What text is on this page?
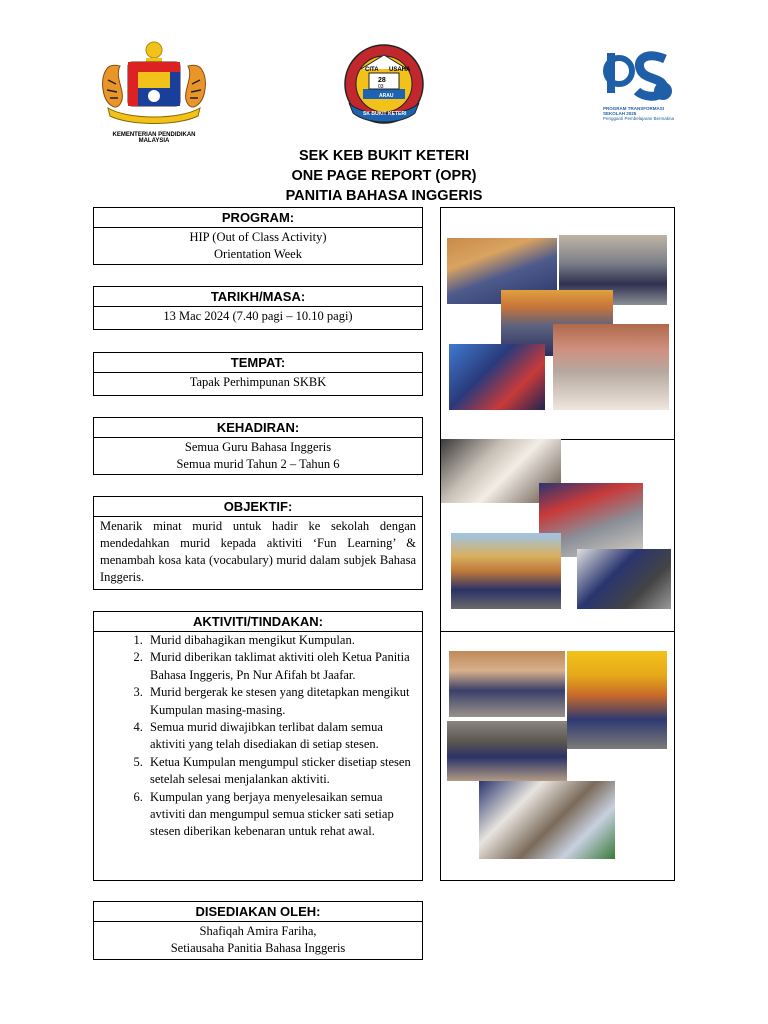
KEMENTERIAN PENDIDIKAN MALAYSIA
CITA USAHA
28
03
ARAU
SK BUKIT KETERI
PROGRAM TRANSFORMASI SEKOLAH 2025
Pengganti Pembelajaran Bermakna
SEK KEB BUKIT KETERI
ONE PAGE REPORT (OPR)
PANITIA BAHASA INGGERIS
PROGRAM:
HIP (Out of Class Activity)
Orientation Week
TARIKH/MASA:
13 Mac 2024 (7.40 pagi – 10.10 pagi)
TEMPAT:
Tapak Perhimpunan SKBK
KEHADIRAN:
Semua Guru Bahasa Inggeris
Semua murid Tahun 2 – Tahun 6
OBJEKTIF:
Menarik minat murid untuk hadir ke sekolah dengan mendedahkan murid kepada aktiviti ‘Fun Learning’ & menambah kosa kata (vocabulary) murid dalam subjek Bahasa Inggeris.
AKTIVITI/TINDAKAN:
1. Murid dibahagikan mengikut Kumpulan.
2. Murid diberikan taklimat aktiviti oleh Ketua Panitia Bahasa Inggeris, Pn Nur Afifah bt Jaafar.
3. Murid bergerak ke stesen yang ditetapkan mengikut Kumpulan masing-masing.
4. Semua murid diwajibkan terlibat dalam semua aktiviti yang telah disediakan di setiap stesen.
5. Ketua Kumpulan mengumpul sticker disetiap stesen setelah selesai menjalankan aktiviti.
6. Kumpulan yang berjaya menyelesaikan semua avtiviti dan mengumpul semua sticker sati setiap stesen diberikan kebenaran untuk rehat awal.
DISEDIAKAN OLEH:
Shafiqah Amira Fariha,
Setiausaha Panitia Bahasa Inggeris
